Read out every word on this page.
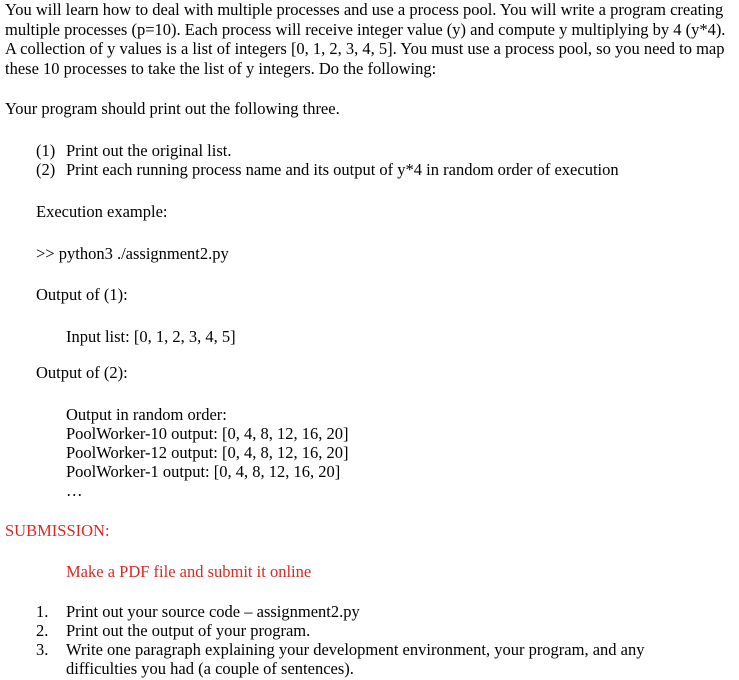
You will learn how to deal with multiple processes and use a process pool. You will write a program creating multiple processes (p=10). Each process will receive integer value (y) and compute y multiplying by 4 (y*4). A collection of y values is a list of integers [0, 1, 2, 3, 4, 5]. You must use a process pool, so you need to map these 10 processes to take the list of y integers. Do the following:

Your program should print out the following three.

(1) Print out the original list.
(2) Print each running process name and its output of y*4 in random order of execution

Execution example:

>> python3 ./assignment2.py

Output of (1):

Input list: [0, 1, 2, 3, 4, 5]

Output of (2):

Output in random order:

PoolWorker-10 output: [0, 4, 8, 12, 16, 20]

PoolWorker-12 output: [0, 4, 8, 12, 16, 20]

PoolWorker-1 output: [0, 4, 8, 12, 16, 20]

…

SUBMISSION:

Make a PDF file and submit it online

1. Print out your source code – assignment2.py
2. Print out the output of your program.
3. Write one paragraph explaining your development environment, your program, and any difficulties you had (a couple of sentences).
